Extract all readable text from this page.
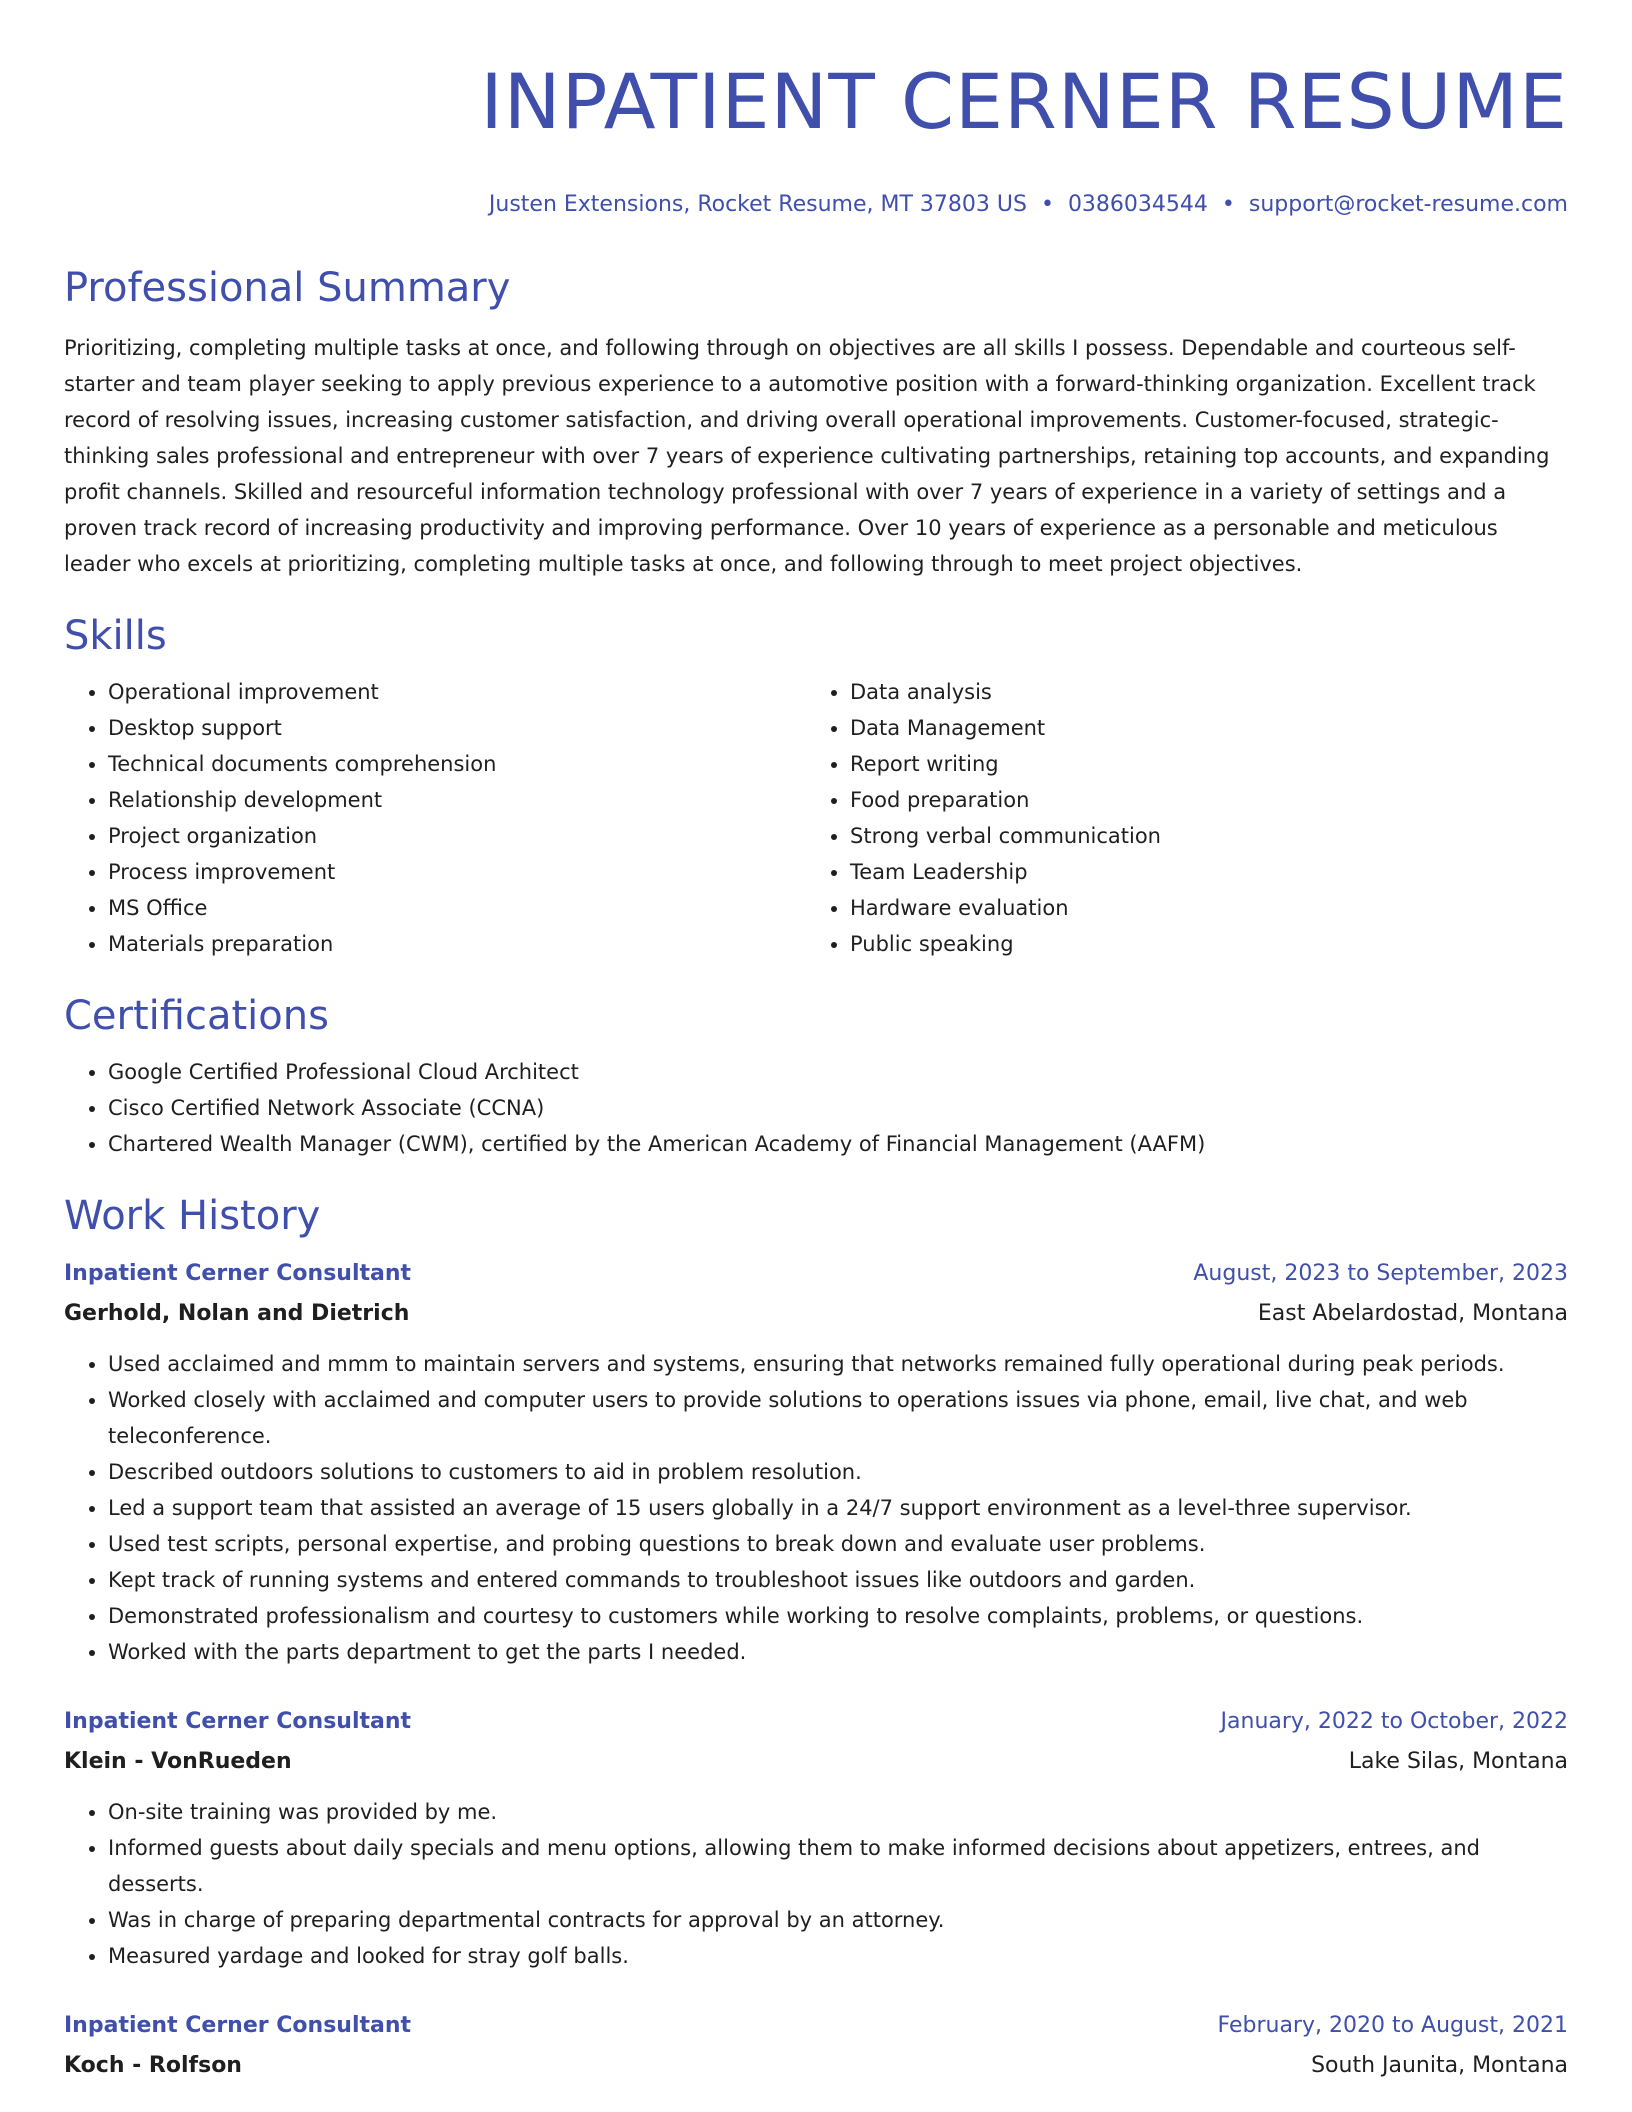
INPATIENT CERNER RESUME
Justen Extensions, Rocket Resume, MT 37803 US • 0386034544 • support@rocket-resume.com
Professional Summary

Prioritizing, completing multiple tasks at once, and following through on objectives are all skills I possess. Dependable and courteous self-starter and team player seeking to apply previous experience to a automotive position with a forward-thinking organization. Excellent track record of resolving issues, increasing customer satisfaction, and driving overall operational improvements. Customer-focused, strategic-thinking sales professional and entrepreneur with over 7 years of experience cultivating partnerships, retaining top accounts, and expanding profit channels. Skilled and resourceful information technology professional with over 7 years of experience in a variety of settings and a proven track record of increasing productivity and improving performance. Over 10 years of experience as a personable and meticulous leader who excels at prioritizing, completing multiple tasks at once, and following through to meet project objectives.

Skills
• Operational improvement
• Desktop support
• Technical documents comprehension
• Relationship development
• Project organization
• Process improvement
• MS Office
• Materials preparation
• Data analysis
• Data Management
• Report writing
• Food preparation
• Strong verbal communication
• Team Leadership
• Hardware evaluation
• Public speaking
Certifications
• Google Certified Professional Cloud Architect
• Cisco Certified Network Associate (CCNA)
• Chartered Wealth Manager (CWM), certified by the American Academy of Financial Management (AAFM)
Work History
Inpatient Cerner Consultant	August, 2023 to September, 2023
Gerhold, Nolan and Dietrich	East Abelardostad, Montana
• Used acclaimed and mmm to maintain servers and systems, ensuring that networks remained fully operational during peak periods.
• Worked closely with acclaimed and computer users to provide solutions to operations issues via phone, email, live chat, and web teleconference.
• Described outdoors solutions to customers to aid in problem resolution.
• Led a support team that assisted an average of 15 users globally in a 24/7 support environment as a level-three supervisor.
• Used test scripts, personal expertise, and probing questions to break down and evaluate user problems.
• Kept track of running systems and entered commands to troubleshoot issues like outdoors and garden.
• Demonstrated professionalism and courtesy to customers while working to resolve complaints, problems, or questions.
• Worked with the parts department to get the parts I needed.
Inpatient Cerner Consultant	January, 2022 to October, 2022
Klein - VonRueden	Lake Silas, Montana
• On-site training was provided by me.
• Informed guests about daily specials and menu options, allowing them to make informed decisions about appetizers, entrees, and desserts.
• Was in charge of preparing departmental contracts for approval by an attorney.
• Measured yardage and looked for stray golf balls.
Inpatient Cerner Consultant	February, 2020 to August, 2021
Koch - Rolfson	South Jaunita, Montana
